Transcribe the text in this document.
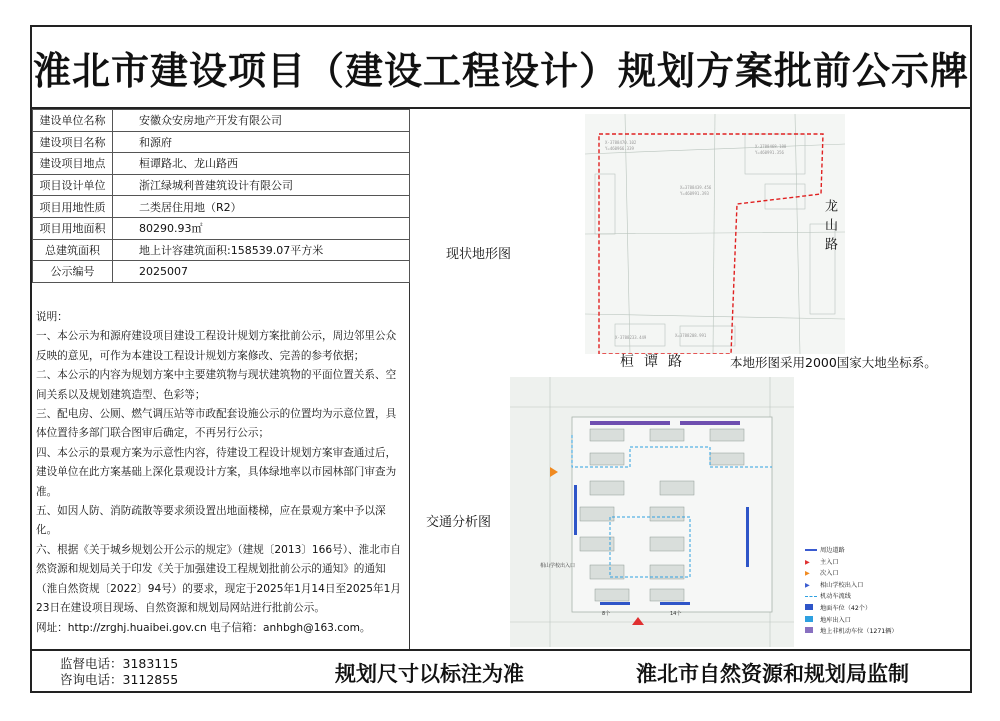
淮北市建设项目（建设工程设计）规划方案批前公示牌
建设单位名称	安徽众安房地产开发有限公司
建设项目名称	和源府
建设项目地点	桓谭路北、龙山路西
项目设计单位	浙江绿城利普建筑设计有限公司
项目用地性质	二类居住用地（R2）
项目用地面积	80290.93㎡
总建筑面积	地上计容建筑面积:158539.07平方米
公示编号	2025007

说明：

一、本公示为和源府建设项目建设工程设计规划方案批前公示，周边邻里公众反映的意见，可作为本建设工程设计规划方案修改、完善的参考依据；

二、本公示的内容为规划方案中主要建筑物与现状建筑物的平面位置关系、空间关系以及规划建筑造型、色彩等；

三、配电房、公厕、燃气调压站等市政配套设施公示的位置均为示意位置，具体位置待多部门联合图审后确定，不再另行公示；

四、本公示的景观方案为示意性内容，待建设工程设计规划方案审查通过后，建设单位在此方案基础上深化景观设计方案，具体绿地率以市园林部门审查为准。

五、如因人防、消防疏散等要求须设置出地面楼梯，应在景观方案中予以深化。

六、根据《关于城乡规划公开公示的规定》（建规〔2013〕166号）、淮北市自然资源和规划局关于印发《关于加强建设工程规划批前公示的通知》的通知（淮自然资规〔2022〕94号）的要求，现定于2025年1月14日至2025年1月23日在建设项目现场、自然资源和规划局网站进行批前公示。

网址：http://zrghj.huaibei.gov.cn 电子信箱：anhbgh@163.com。

现状地形图
X-3788470.102
Y=460966.339	X-3788468.188
Y=460991.356
X=3788439.456
Y=460991.393
X-3788233.449	X=3788208.991
龙山路
桓谭路	本地形图采用2000国家大地坐标系。
交通分析图
相山学校出入口
8个	14个
周边道路
▶ 主入口
▶ 次入口
▶ 相山学校出入口
机动车流线
地面车位（42个）
地库出入口
地上非机动车位（1271辆）
监督电话：3183115
咨询电话：3112855	规划尺寸以标注为准	淮北市自然资源和规划局监制
